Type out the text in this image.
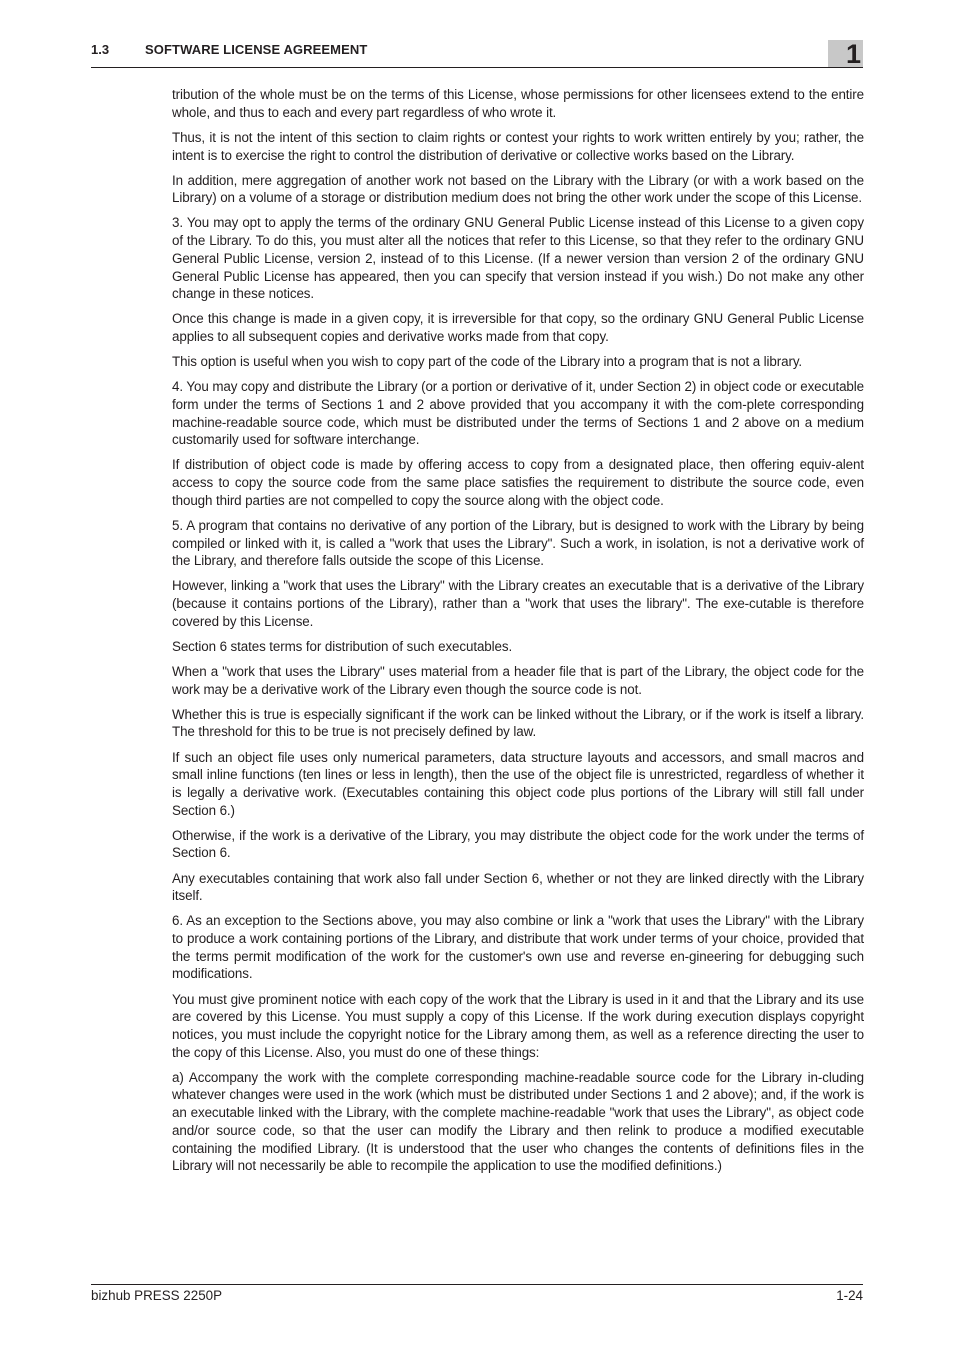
1.3	SOFTWARE LICENSE AGREEMENT	1

tribution of the whole must be on the terms of this License, whose permissions for other licensees extend to the entire whole, and thus to each and every part regardless of who wrote it.

Thus, it is not the intent of this section to claim rights or contest your rights to work written entirely by you; rather, the intent is to exercise the right to control the distribution of derivative or collective works based on the Library.

In addition, mere aggregation of another work not based on the Library with the Library (or with a work based on the Library) on a volume of a storage or distribution medium does not bring the other work under the scope of this License.

3. You may opt to apply the terms of the ordinary GNU General Public License instead of this License to a given copy of the Library. To do this, you must alter all the notices that refer to this License, so that they refer to the ordinary GNU General Public License, version 2, instead of to this License. (If a newer version than version 2 of the ordinary GNU General Public License has appeared, then you can specify that version instead if you wish.) Do not make any other change in these notices.

Once this change is made in a given copy, it is irreversible for that copy, so the ordinary GNU General Public License applies to all subsequent copies and derivative works made from that copy.

This option is useful when you wish to copy part of the code of the Library into a program that is not a library.

4. You may copy and distribute the Library (or a portion or derivative of it, under Section 2) in object code or executable form under the terms of Sections 1 and 2 above provided that you accompany it with the com-plete corresponding machine-readable source code, which must be distributed under the terms of Sections 1 and 2 above on a medium customarily used for software interchange.

If distribution of object code is made by offering access to copy from a designated place, then offering equiv-alent access to copy the source code from the same place satisfies the requirement to distribute the source code, even though third parties are not compelled to copy the source along with the object code.

5. A program that contains no derivative of any portion of the Library, but is designed to work with the Library by being compiled or linked with it, is called a "work that uses the Library". Such a work, in isolation, is not a derivative work of the Library, and therefore falls outside the scope of this License.

However, linking a "work that uses the Library" with the Library creates an executable that is a derivative of the Library (because it contains portions of the Library), rather than a "work that uses the library". The exe-cutable is therefore covered by this License.

Section 6 states terms for distribution of such executables.

When a "work that uses the Library" uses material from a header file that is part of the Library, the object code for the work may be a derivative work of the Library even though the source code is not.

Whether this is true is especially significant if the work can be linked without the Library, or if the work is itself a library. The threshold for this to be true is not precisely defined by law.

If such an object file uses only numerical parameters, data structure layouts and accessors, and small macros and small inline functions (ten lines or less in length), then the use of the object file is unrestricted, regardless of whether it is legally a derivative work. (Executables containing this object code plus portions of the Library will still fall under Section 6.)

Otherwise, if the work is a derivative of the Library, you may distribute the object code for the work under the terms of Section 6.

Any executables containing that work also fall under Section 6, whether or not they are linked directly with the Library itself.

6. As an exception to the Sections above, you may also combine or link a "work that uses the Library" with the Library to produce a work containing portions of the Library, and distribute that work under terms of your choice, provided that the terms permit modification of the work for the customer's own use and reverse en-gineering for debugging such modifications.

You must give prominent notice with each copy of the work that the Library is used in it and that the Library and its use are covered by this License. You must supply a copy of this License. If the work during execution displays copyright notices, you must include the copyright notice for the Library among them, as well as a reference directing the user to the copy of this License. Also, you must do one of these things:

a) Accompany the work with the complete corresponding machine-readable source code for the Library in-cluding whatever changes were used in the work (which must be distributed under Sections 1 and 2 above); and, if the work is an executable linked with the Library, with the complete machine-readable "work that uses the Library", as object code and/or source code, so that the user can modify the Library and then relink to produce a modified executable containing the modified Library. (It is understood that the user who changes the contents of definitions files in the Library will not necessarily be able to recompile the application to use the modified definitions.)

bizhub PRESS 2250P	1-24
